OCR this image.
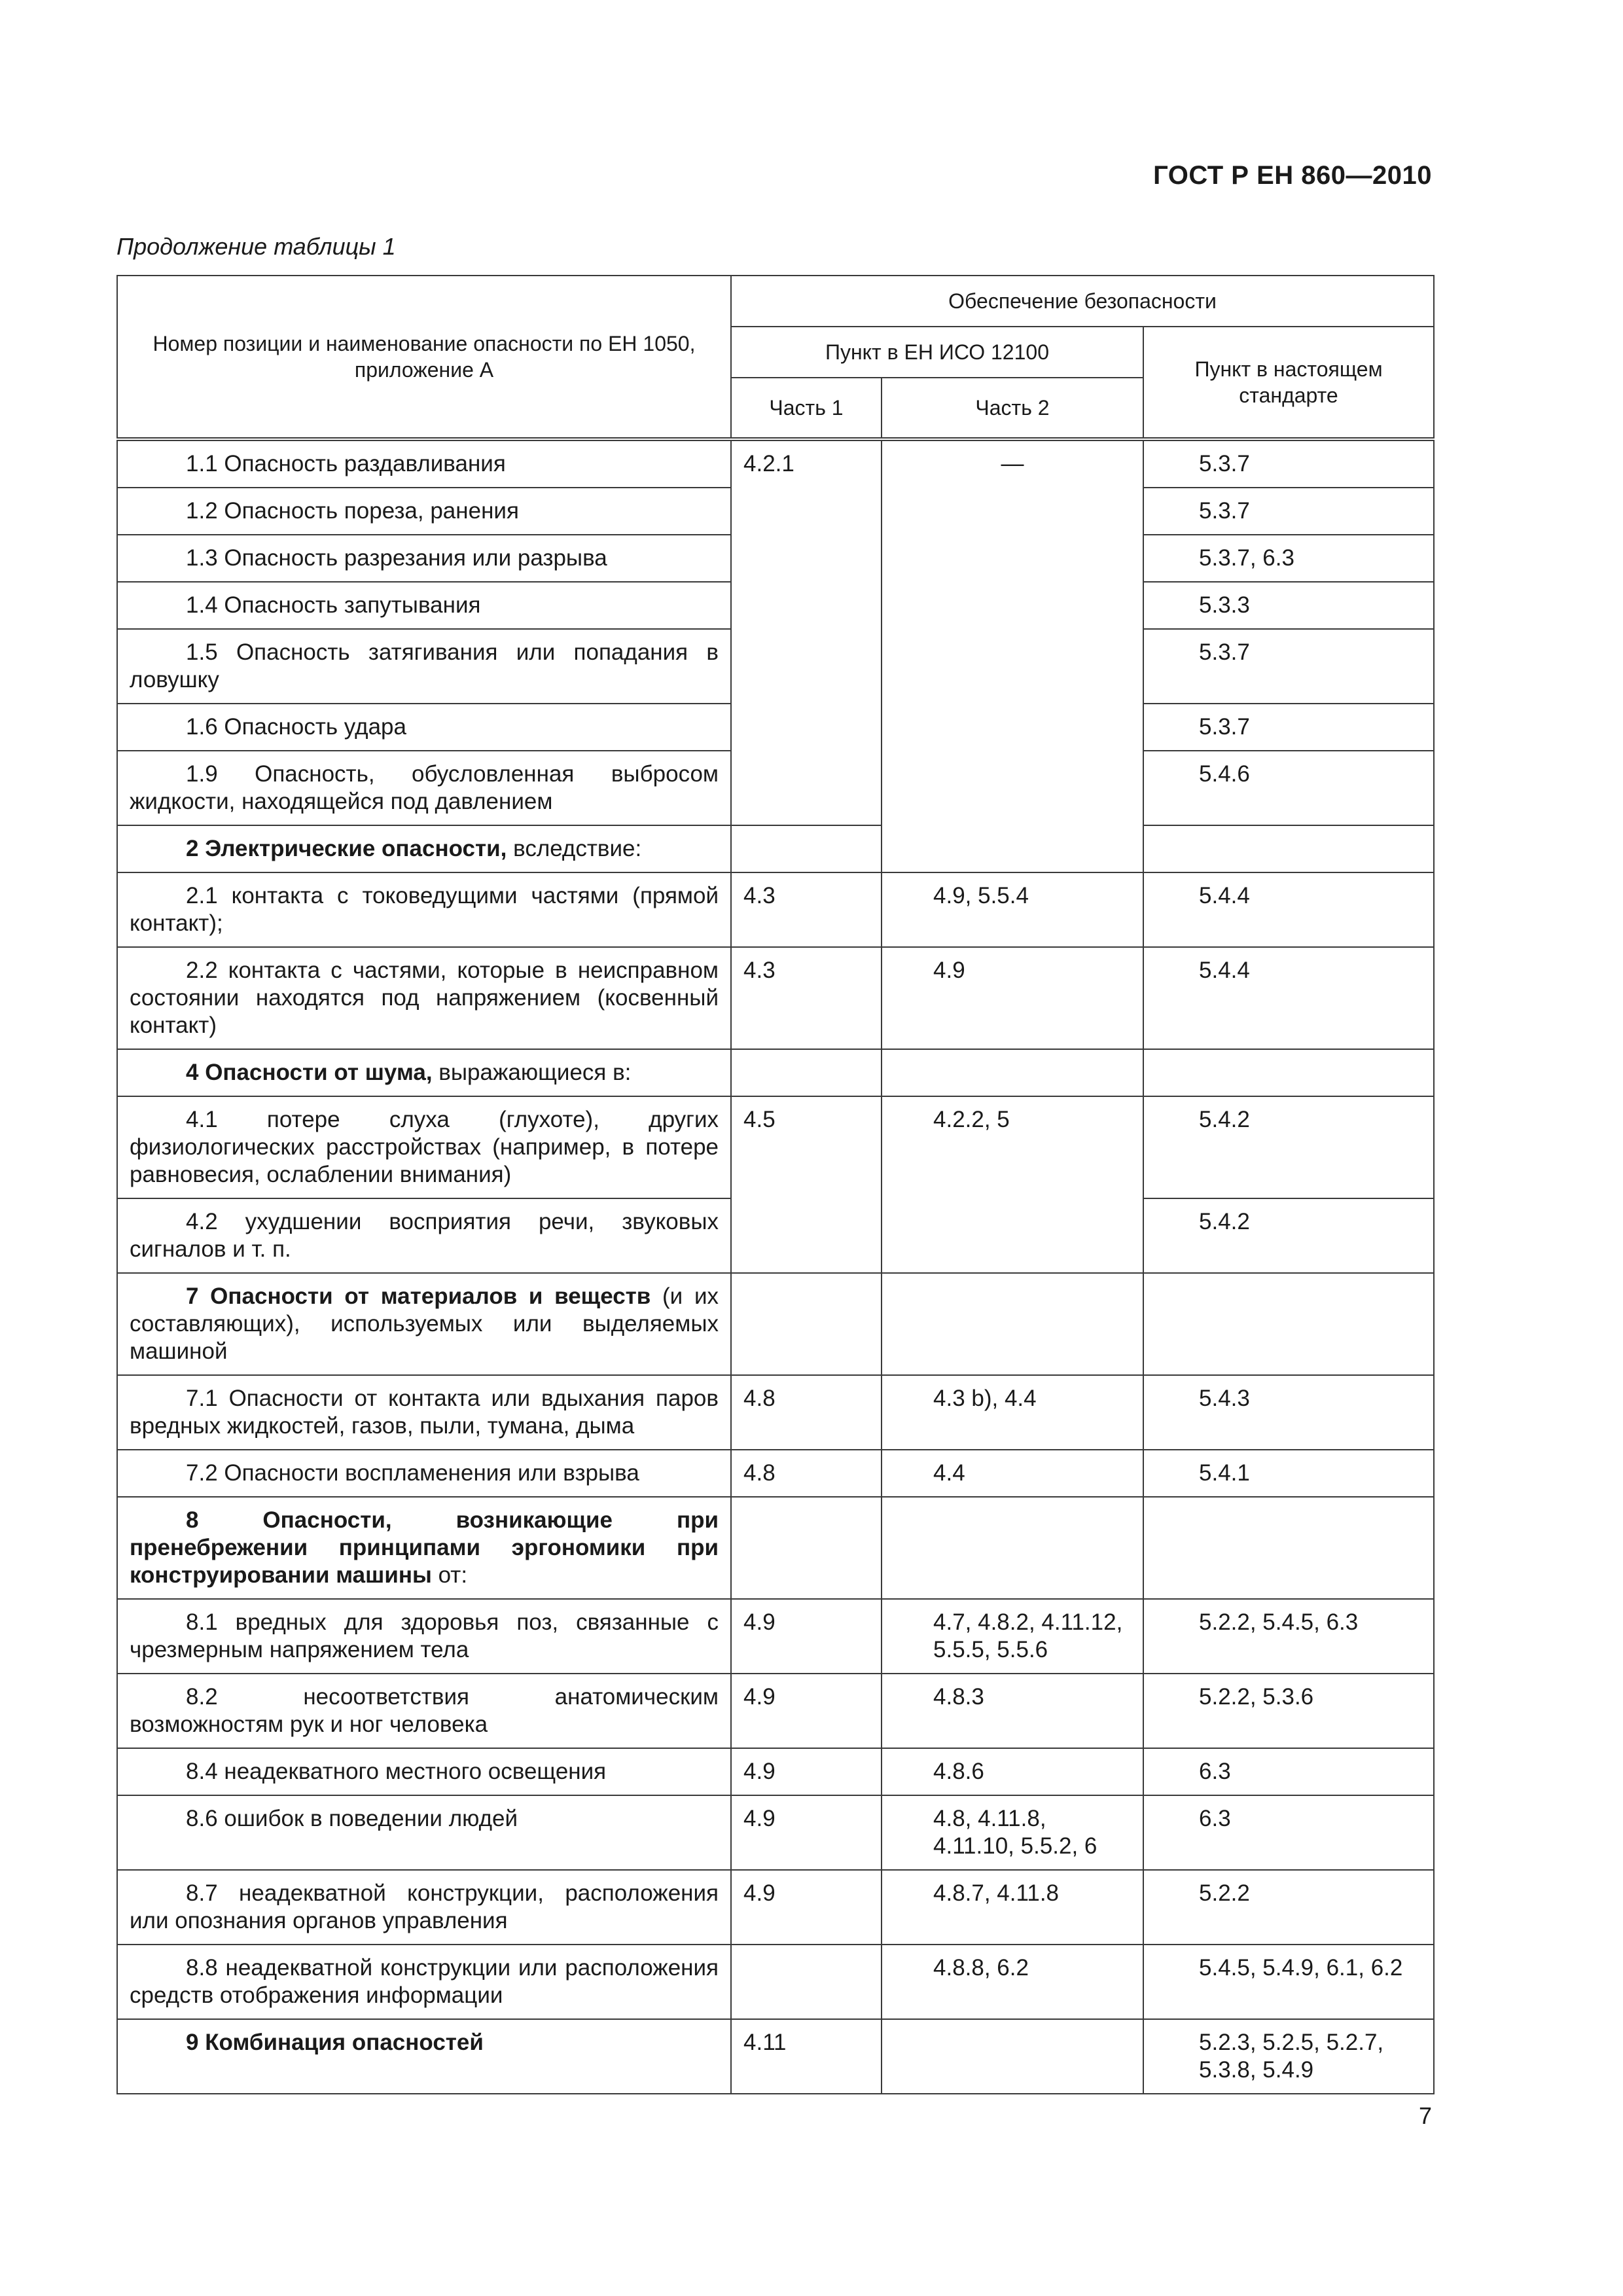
ГОСТ Р ЕН 860—2010
Продолжение таблицы 1
Номер позиции и наименование опасности по ЕН 1050, приложение А	Обеспечение безопасности		
	Пункт в ЕН ИСО 12100		Пункт в настоящем стандарте
	Часть 1	Часть 2	
1.1 Опасность раздавливания	4.2.1	—	5.3.7
1.2 Опасность пореза, ранения			5.3.7
1.3 Опасность разрезания или разрыва			5.3.7, 6.3
1.4 Опасность запутывания			5.3.3
1.5 Опасность затягивания или попадания в ловушку			5.3.7
1.6 Опасность удара			5.3.7
1.9 Опасность, обусловленная выбросом жидкости, находящейся под давлением			5.4.6
2 Электрические опасности, вследствие:			
2.1 контакта с токоведущими частями (прямой контакт);	4.3	4.9, 5.5.4	5.4.4
2.2 контакта с частями, которые в неисправном состоянии находятся под напряжением (косвенный контакт)	4.3	4.9	5.4.4
4 Опасности от шума, выражающиеся в:			
4.1 потере слуха (глухоте), других физиологических расстройствах (например, в потере равновесия, ослаблении внимания)	4.5	4.2.2, 5	5.4.2
4.2 ухудшении восприятия речи, звуковых сигналов и т. п.			5.4.2
7 Опасности от материалов и веществ (и их составляющих), используемых или выделяемых машиной			
7.1 Опасности от контакта или вдыхания паров вредных жидкостей, газов, пыли, тумана, дыма	4.8	4.3 b), 4.4	5.4.3
7.2 Опасности воспламенения или взрыва	4.8	4.4	5.4.1
8 Опасности, возникающие при пренебрежении принципами эргономики при конструировании машины от:			
8.1 вредных для здоровья поз, связанные с чрезмерным напряжением тела	4.9	4.7, 4.8.2, 4.11.12, 5.5.5, 5.5.6	5.2.2, 5.4.5, 6.3
8.2 несоответствия анатомическим возможностям рук и ног человека	4.9	4.8.3	5.2.2, 5.3.6
8.4 неадекватного местного освещения	4.9	4.8.6	6.3
8.6 ошибок в поведении людей	4.9	4.8, 4.11.8, 4.11.10, 5.5.2, 6	6.3
8.7 неадекватной конструкции, расположения или опознания органов управления	4.9	4.8.7, 4.11.8	5.2.2
8.8 неадекватной конструкции или расположения средств отображения информации		4.8.8, 6.2	5.4.5, 5.4.9, 6.1, 6.2
9 Комбинация опасностей	4.11		5.2.3, 5.2.5, 5.2.7, 5.3.8, 5.4.9
7
